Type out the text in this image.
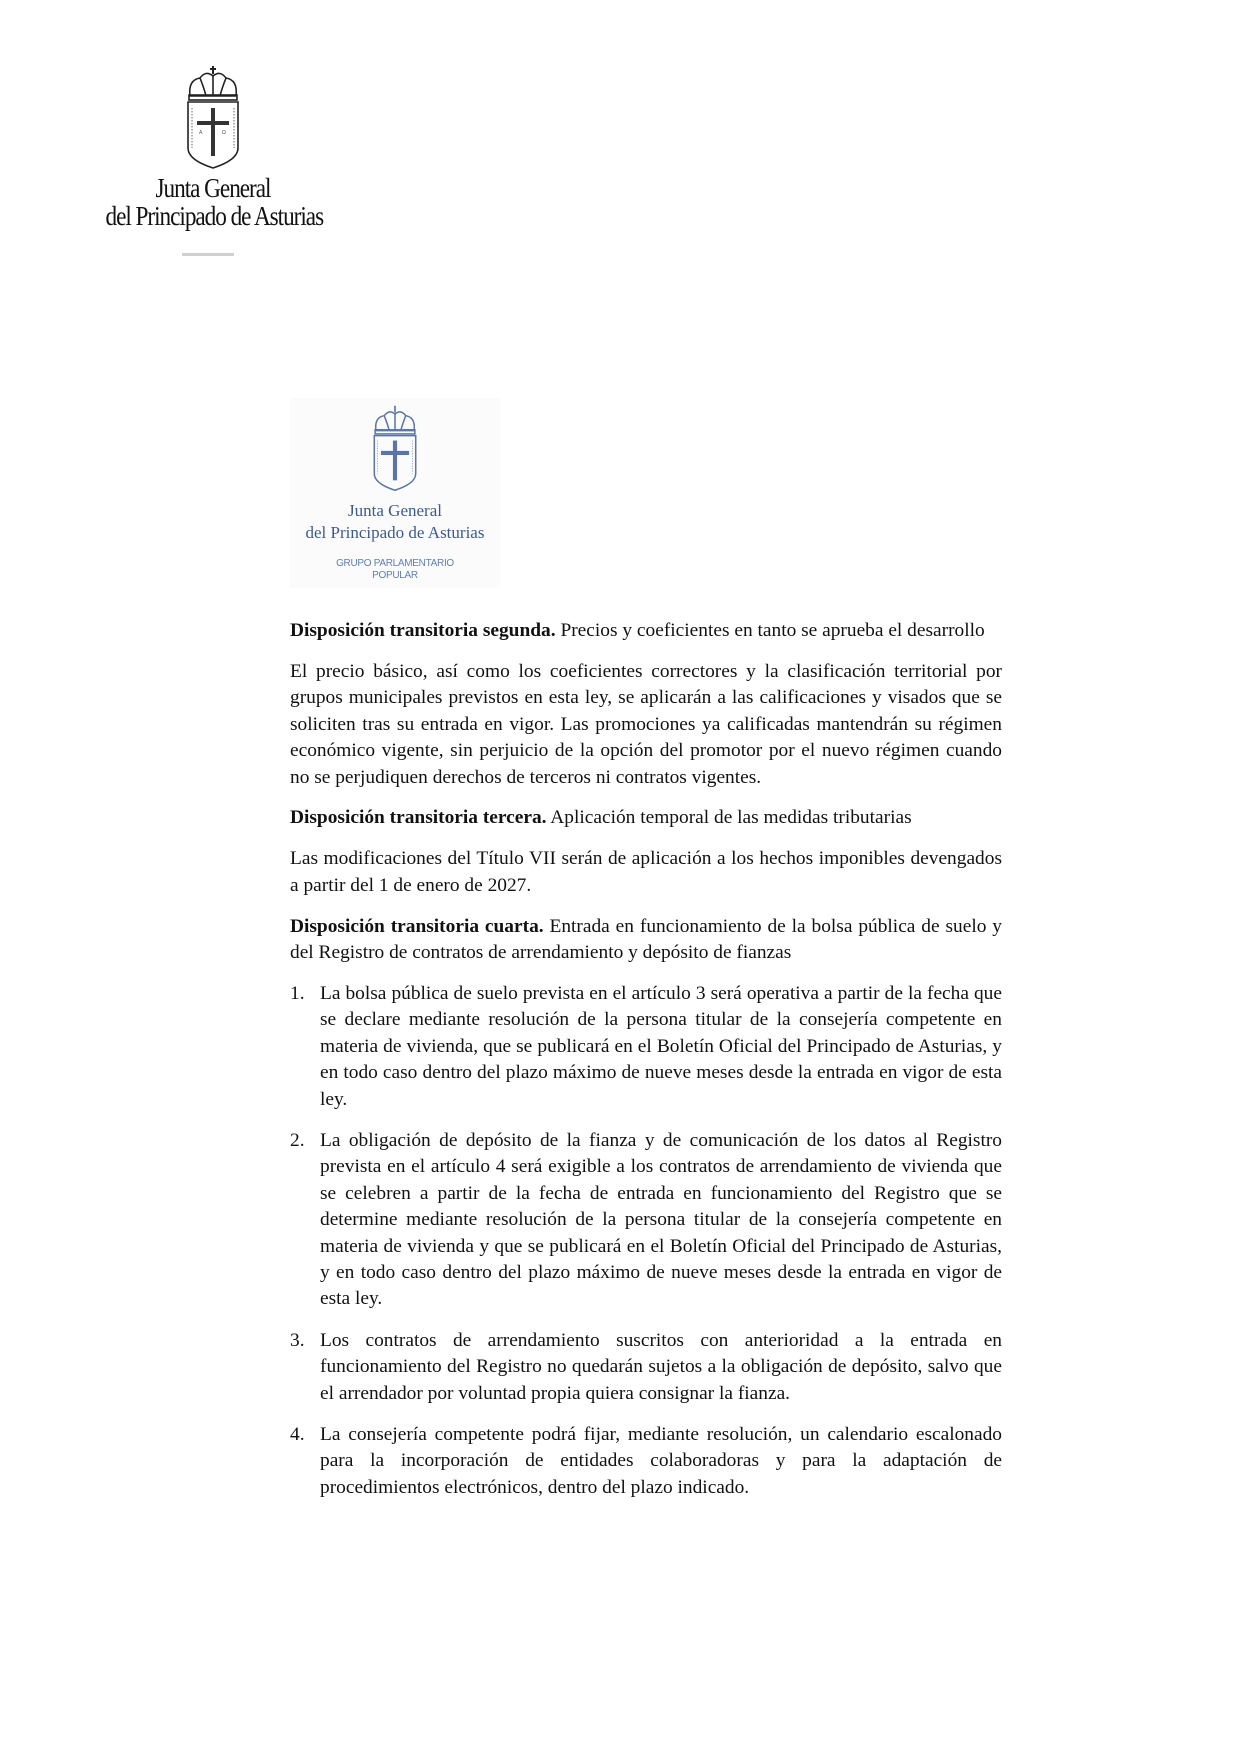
A	Ω
Junta General
del Principado de Asturias
Junta General
del Principado de Asturias
GRUPO PARLAMENTARIO
POPULAR

Disposición transitoria segunda. Precios y coeficientes en tanto se aprueba el desarrollo

El precio básico, así como los coeficientes correctores y la clasificación territorial por grupos municipales previstos en esta ley, se aplicarán a las calificaciones y visados que se soliciten tras su entrada en vigor. Las promociones ya calificadas mantendrán su régimen económico vigente, sin perjuicio de la opción del promotor por el nuevo régimen cuando no se perjudiquen derechos de terceros ni contratos vigentes.

Disposición transitoria tercera. Aplicación temporal de las medidas tributarias

Las modificaciones del Título VII serán de aplicación a los hechos imponibles devengados a partir del 1 de enero de 2027.

Disposición transitoria cuarta. Entrada en funcionamiento de la bolsa pública de suelo y del Registro de contratos de arrendamiento y depósito de fianzas

1. La bolsa pública de suelo prevista en el artículo 3 será operativa a partir de la fecha que se declare mediante resolución de la persona titular de la consejería competente en materia de vivienda, que se publicará en el Boletín Oficial del Principado de Asturias, y en todo caso dentro del plazo máximo de nueve meses desde la entrada en vigor de esta ley.
2. La obligación de depósito de la fianza y de comunicación de los datos al Registro prevista en el artículo 4 será exigible a los contratos de arrendamiento de vivienda que se celebren a partir de la fecha de entrada en funcionamiento del Registro que se determine mediante resolución de la persona titular de la consejería competente en materia de vivienda y que se publicará en el Boletín Oficial del Principado de Asturias, y en todo caso dentro del plazo máximo de nueve meses desde la entrada en vigor de esta ley.
3. Los contratos de arrendamiento suscritos con anterioridad a la entrada en funcionamiento del Registro no quedarán sujetos a la obligación de depósito, salvo que el arrendador por voluntad propia quiera consignar la fianza.
4. La consejería competente podrá fijar, mediante resolución, un calendario escalonado para la incorporación de entidades colaboradoras y para la adaptación de procedimientos electrónicos, dentro del plazo indicado.
